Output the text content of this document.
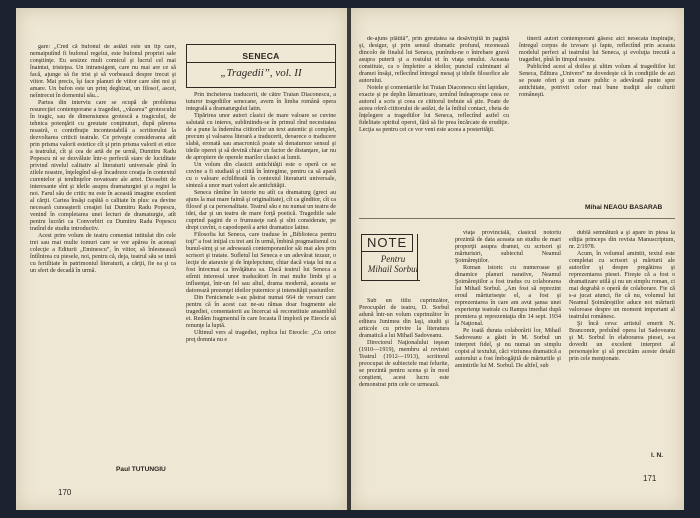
gare: „Cred că bufonul de astăzi este un tip care, nemaiputînd fi bufonul regelui, este bufonul propriei sale conştiinţe. Eu sesizez mult comicul şi lucrul cel mai înaintat, tristeţea. Un intransigent, care nu mai are ce să facă, ajunge să fie trist şi să vorbească despre trecut şi viitor. Mai precis, îşi face planuri de viitor care sînt noi şi amare. Un bufon este un prinţ deghizat, un filosof, ascet, neîntrecut în domeniul său...

Partea din interviu care se ocupă de problema resurecţiei contemporane a tragediei, „văzarea” grotescului în tragic, sau de dimensiunea grotescă a tragicului, de tehnica potenţării cu greutate conţinuturi, după părerea noastră, o contribuţie incontestabilă a scriitorului la dezvoltarea criticii teatrale. Ce priveşte considerarea atît prin prisma valorii estetice cît şi prin prisma valorii ei etice a teatrului, cît şi cea de artă de pe urmă, Dumitru Radu Popescu ni se dezvăluie într-o perfectă stare de luciditate privind nivelul calitativ al literaturii universale pînă în zilele noastre, înţelegînd să-şi încadreze creaţia în contextul curentelor şi tendinţelor novatoare ale artei. Deosebit de interesante sînt şi ideile asupra dramaturgiei şi a regiei la noi. Farul său de critic nu este în această imagine excelent al cărţii. Cartea însăşi capătă o calitate în plus: ea devine necesară cunoaşterii creaţiei lui Dumitru Radu Popescu, venind în completarea unei lecturi de dramaturgie, atît pentru lucrări ca Convorbiri cu Dumitru Radu Popescu tratînd de studiu introductiv.

Acest prim volum de teatru comentat intitulat din cele trei sau mai multe tomuri care se vor apărea în aceeaşi colecţie a Editurii „Eminescu”, în viitor, să înlesnească întîlnirea cu piesele, noi, pentru că, deja, teatrul său se intră cu fertilitate în patrimoniul literaturii, a cărţii, fie ea şi ca un sfert de decadă în urmă.

Paul TUTUNGIU
SENECA
„Tragedii”, vol. II

Prin încheierea traducerii, de către Traian Diaconescu, a tuturor tragediilor senecane, avem în limba română opera integrală a dramaturgului latin.

Tipărirea unor autori clasici de mare valoare se cuvine salutată cu interes, subliniindu-se în primul rînd necesitatea de a pune la îndemîna cititorilor un text autentic şi complet, precum şi valoarea literară a traducerii, deoarece o traducere slabă, eronată sau anacronică poate să denatureze sensul şi ideile operei şi să devină chiar un factor de distanţare, iar nu de apropiere de operele marilor clasici ai lumii.

Un volum din clasicii antichităţii este o operă ce se cuvine a fi studiată şi citită în întregime, pentru ca să apară cu o valoare echilibrată în contextul literaturii universale, sinteză a unor mari valori ale antichităţii.

Seneca rămîne în istorie nu atît ca dramaturg (greci au ajuns la mai mare faimă şi originalitate), cît ca gînditor, cît ca filosof şi ca personalitate. Teatrul său e nu numai un teatru de idei, dar şi un teatru de mare forţă poetică. Tragediile sale cuprind pagini de o frumuseţe rară şi sînt considerate, pe drept cuvînt, o capodoperă a artei dramatice latine.

Filosofia lui Seneca, care traduse în „Biblioteca pentru toţi” a fost iniţial cu trei ani în urmă, îmbină pragmatismul cu bunul-simţ şi se adresează contemporanilor săi mai ales prin scrisori şi tratate. Sufletul lui Seneca e un adevărat tezaur, o lecţie de ataraxie şi de înţelepciune, chiar dacă viaţa lui nu a fost întocmai ca învăţătura sa. Dacă teatrul lui Seneca a stîrnit interesul unor traducători în mai multe limbi şi a influenţat, într-un fel sau altul, drama modernă, aceasta se datorează prezenţei ideilor puternice şi intensităţii pasiunilor.

Din Fenicienele s-au păstrat numai 664 de versuri care pentru că în acest caz ne-au rămas doar fragmente ale tragediei, comentatorii au încercat să reconstituie ansamblul ei. Redăm fragmentul în care Iocasta îl imploră pe Eteocle să renunţe la luptă.

Ultimul vers al tragediei, replica lui Eteocle: „Cu orice preţ domnia nu e

170

de-ajuns plătită”, prin greutatea sa desăvîrşită în pagină şi, desigur, şi prin sensul dramatic profund, rezonează dincolo de finalul lui Seneca, punîndu-ne o întrebare gravă asupra puterii şi a rostului ei în viaţa omului. Aceasta constituie, ca o împletire a ideilor, punctul culminant al dramei însăşi, reflectînd întregul mesaj şi ideile filosofice ale autorului.

Notele şi comentariile lui Traian Diaconescu sînt lapidare, exacte şi pe deplin lămuritoare, urmînd îndeaproape ceea ce autorul a scris şi ceea ce cititorul trebuie să ştie. Poate de aceea oferă cititorului de astăzi, de la întîiul contact, cheia de înţelegere a tragediilor lui Seneca, reflectînd astfel cu fidelitate spiritul operei, fără să fie prea încărcate de erudiţie. Lecţia sa pentru cei ce vor veni este aceea a posterităţii.

tinerii autori contemporani găsesc aici nesecata inspiraţie, întregul corpus de izvoare şi fapte, reflectînd prin aceasta modelul perfect al teatrului lui Seneca, şi evoluţia trecută a tragediei, pînă în timpul nostru.

Publicînd acest al doilea şi ultim volum al tragediilor lui Seneca, Editura „Univers” ne dovedeşte că în condiţiile de azi se poate oferi şi un mare public o adevărată punte spre antichitate, potrivit celor mai bune tradiţii ale culturii româneşti.

Mihai NEAGU BASARAB
NOTE
Pentru
Mihail Sorbul

Sub un titlu cuprinzător, Preocupări de teatru, D. Sorbul adună într-un volum cuprinzător în editura Junimea din Iaşi, studii şi articole cu privire la literatura dramatică a lui Mihail Sadoveanu.

Directorul Naţionalului ieşean (1910—1919), membru al revistei Teatrul (1912—1913), scriitorul preocupat de subiectele mai felurite, se prezintă pentru scena şi în mod conştient, acest lucru este demonstrat prin cele ce urmează.

viaţa provincială, clasicul notoriu prezintă de data aceasta un studiu de mari proporţii asupra dramei, cu scrisori şi mărturisiri, subiectul Neamul Şoimăreştilor.

Roman istoric cu numeroase şi dinamice planuri narative, Neamul Şoimăreştilor a fost tradus cu colaborarea lui Mihail Sorbul. „Am fost să reprezint eroul mărturiseşte el, a fost şi reprezentarea în care am avut şansa unei experienţe teatrale cu Rampa imediat după premiera şi reprezentaţia din 14 sept. 1934 la Naţional.

Pe toată durata colaborării lor, Mihail Sadoveanu a găsit în M. Sorbul un interpret fidel, şi nu numai un simplu copist al textului, căci viziunea dramatică a autorului a fost îmbogăţită de mărturiile şi amintirile lui M. Sorbul. De altfel, sub

dublă semnătură a şi apare în piesa la ediţia princeps din revista Manuscriptum, nr. 2/1978.

Acum, în volumul amintit, textul este completat cu scrisori şi mărturii ale autorilor şi despre pregătirea şi reprezentarea piesei. Fireşte că a fost o dramatizare utilă şi nu un simplu roman, ci mai degrabă o operă de colaborare. Fie că s-a jucat atunci, fie că nu, volumul lui Neamul Şoimăreştilor aduce noi mărturii valoroase despre un moment important al teatrului românesc.

Şi încă ceva: artistul emerit N. Brancomir, preluînd opera lui Sadoveanu şi M. Sorbul în elaborarea piesei, s-a dovedit un excelent interpret al personajelor şi să precizăm aceste detalii prin cele menţionate.

I. N.
171
